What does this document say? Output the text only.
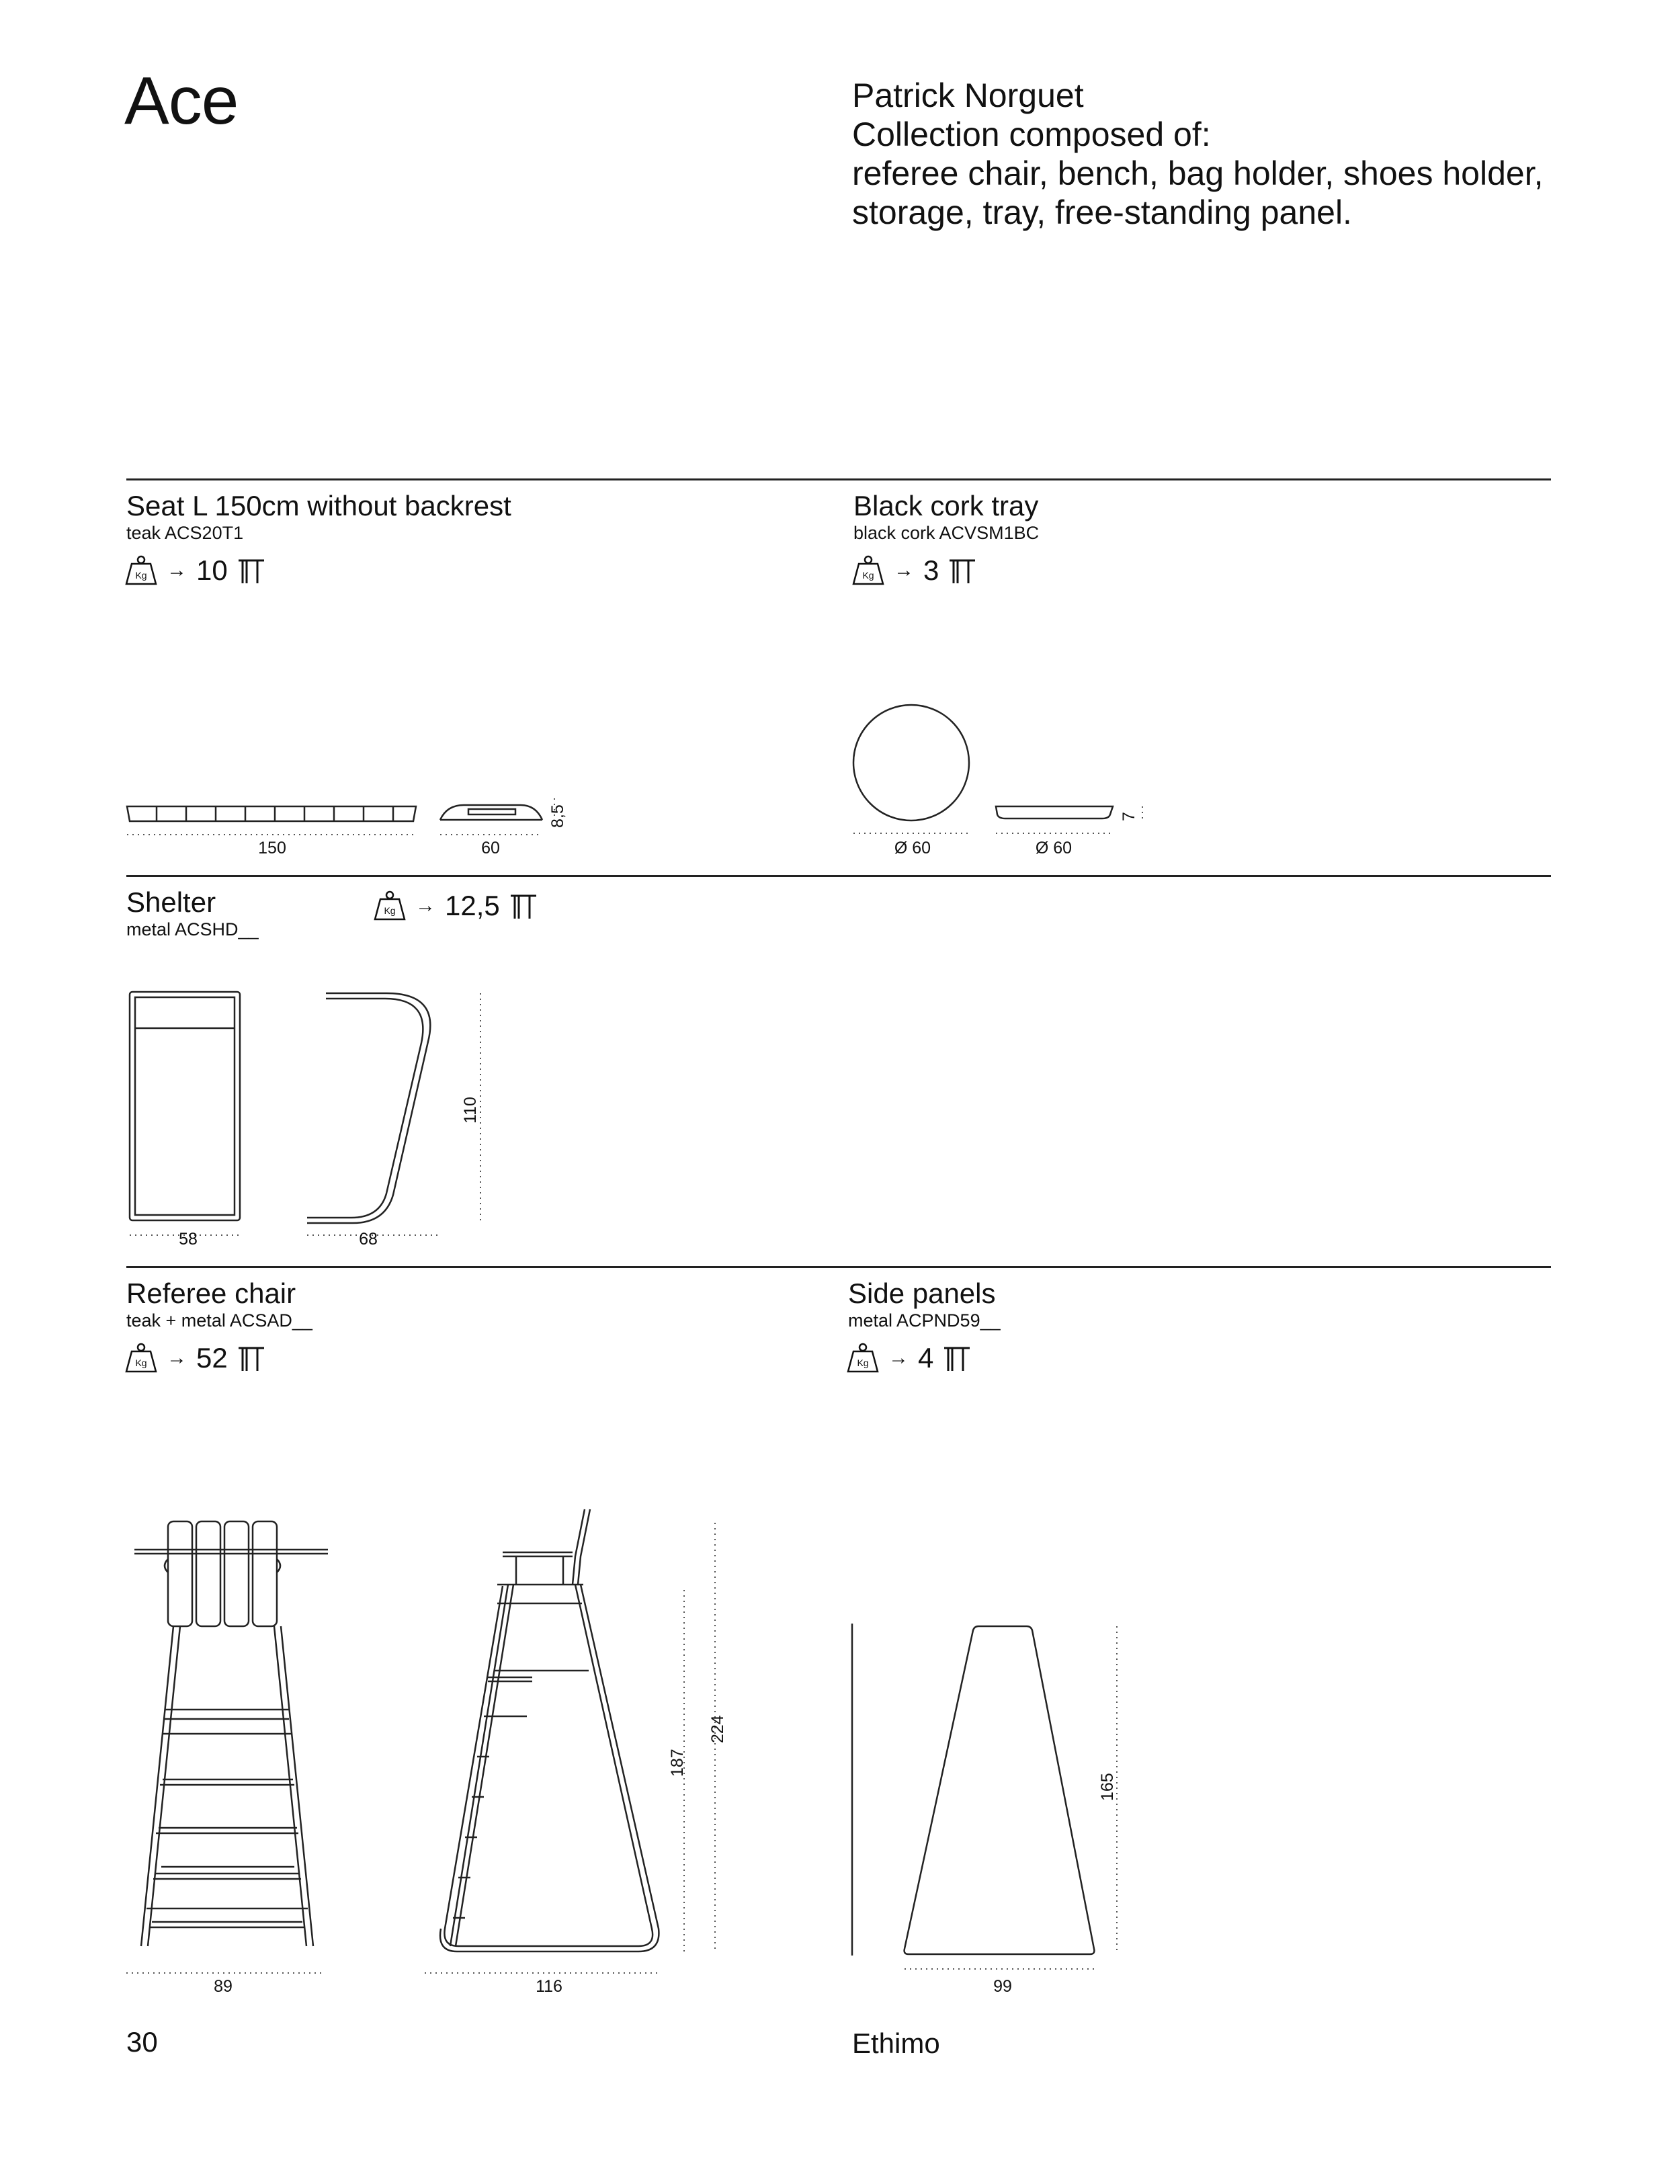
Ace	Patrick Norguet
Collection composed of:
referee chair, bench, bag holder, shoes holder,
storage, tray, free-standing panel.
Kg
Seat L 150cm without backrest
teak ACS20T1
→ 10
150	60
8,5
Black cork tray
black cork ACVSM1BC
→ 3
Ø 60	Ø 60
7
Shelter
metal ACSHD__
→ 12,5
58	68
110
Referee chair
teak + metal ACSAD__
→ 52
89	116
187
224
Side panels
metal ACPND59__
→ 4
99
165
30	Ethimo
